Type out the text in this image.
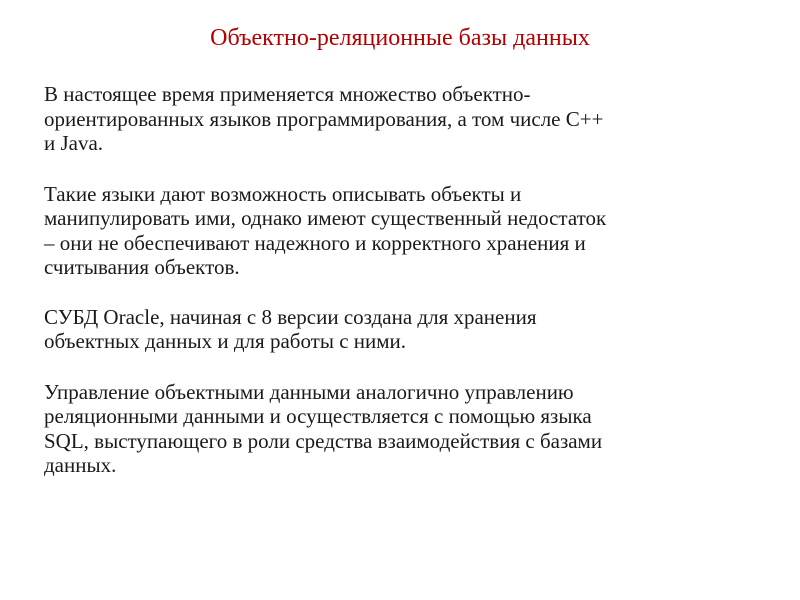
Объектно-реляционные базы данных

В настоящее время применяется множество объектно-
ориентированных языков программирования, а том числе С++
и Java.

Такие языки дают возможность описывать объекты и
манипулировать ими, однако имеют существенный недостаток
– они не обеспечивают надежного и корректного хранения и
считывания объектов.

СУБД Oracle, начиная с 8 версии создана для хранения
объектных данных и для работы с ними.

Управление объектными данными аналогично управлению
реляционными данными и осуществляется с помощью языка
SQL, выступающего в роли средства взаимодействия с базами
данных.
